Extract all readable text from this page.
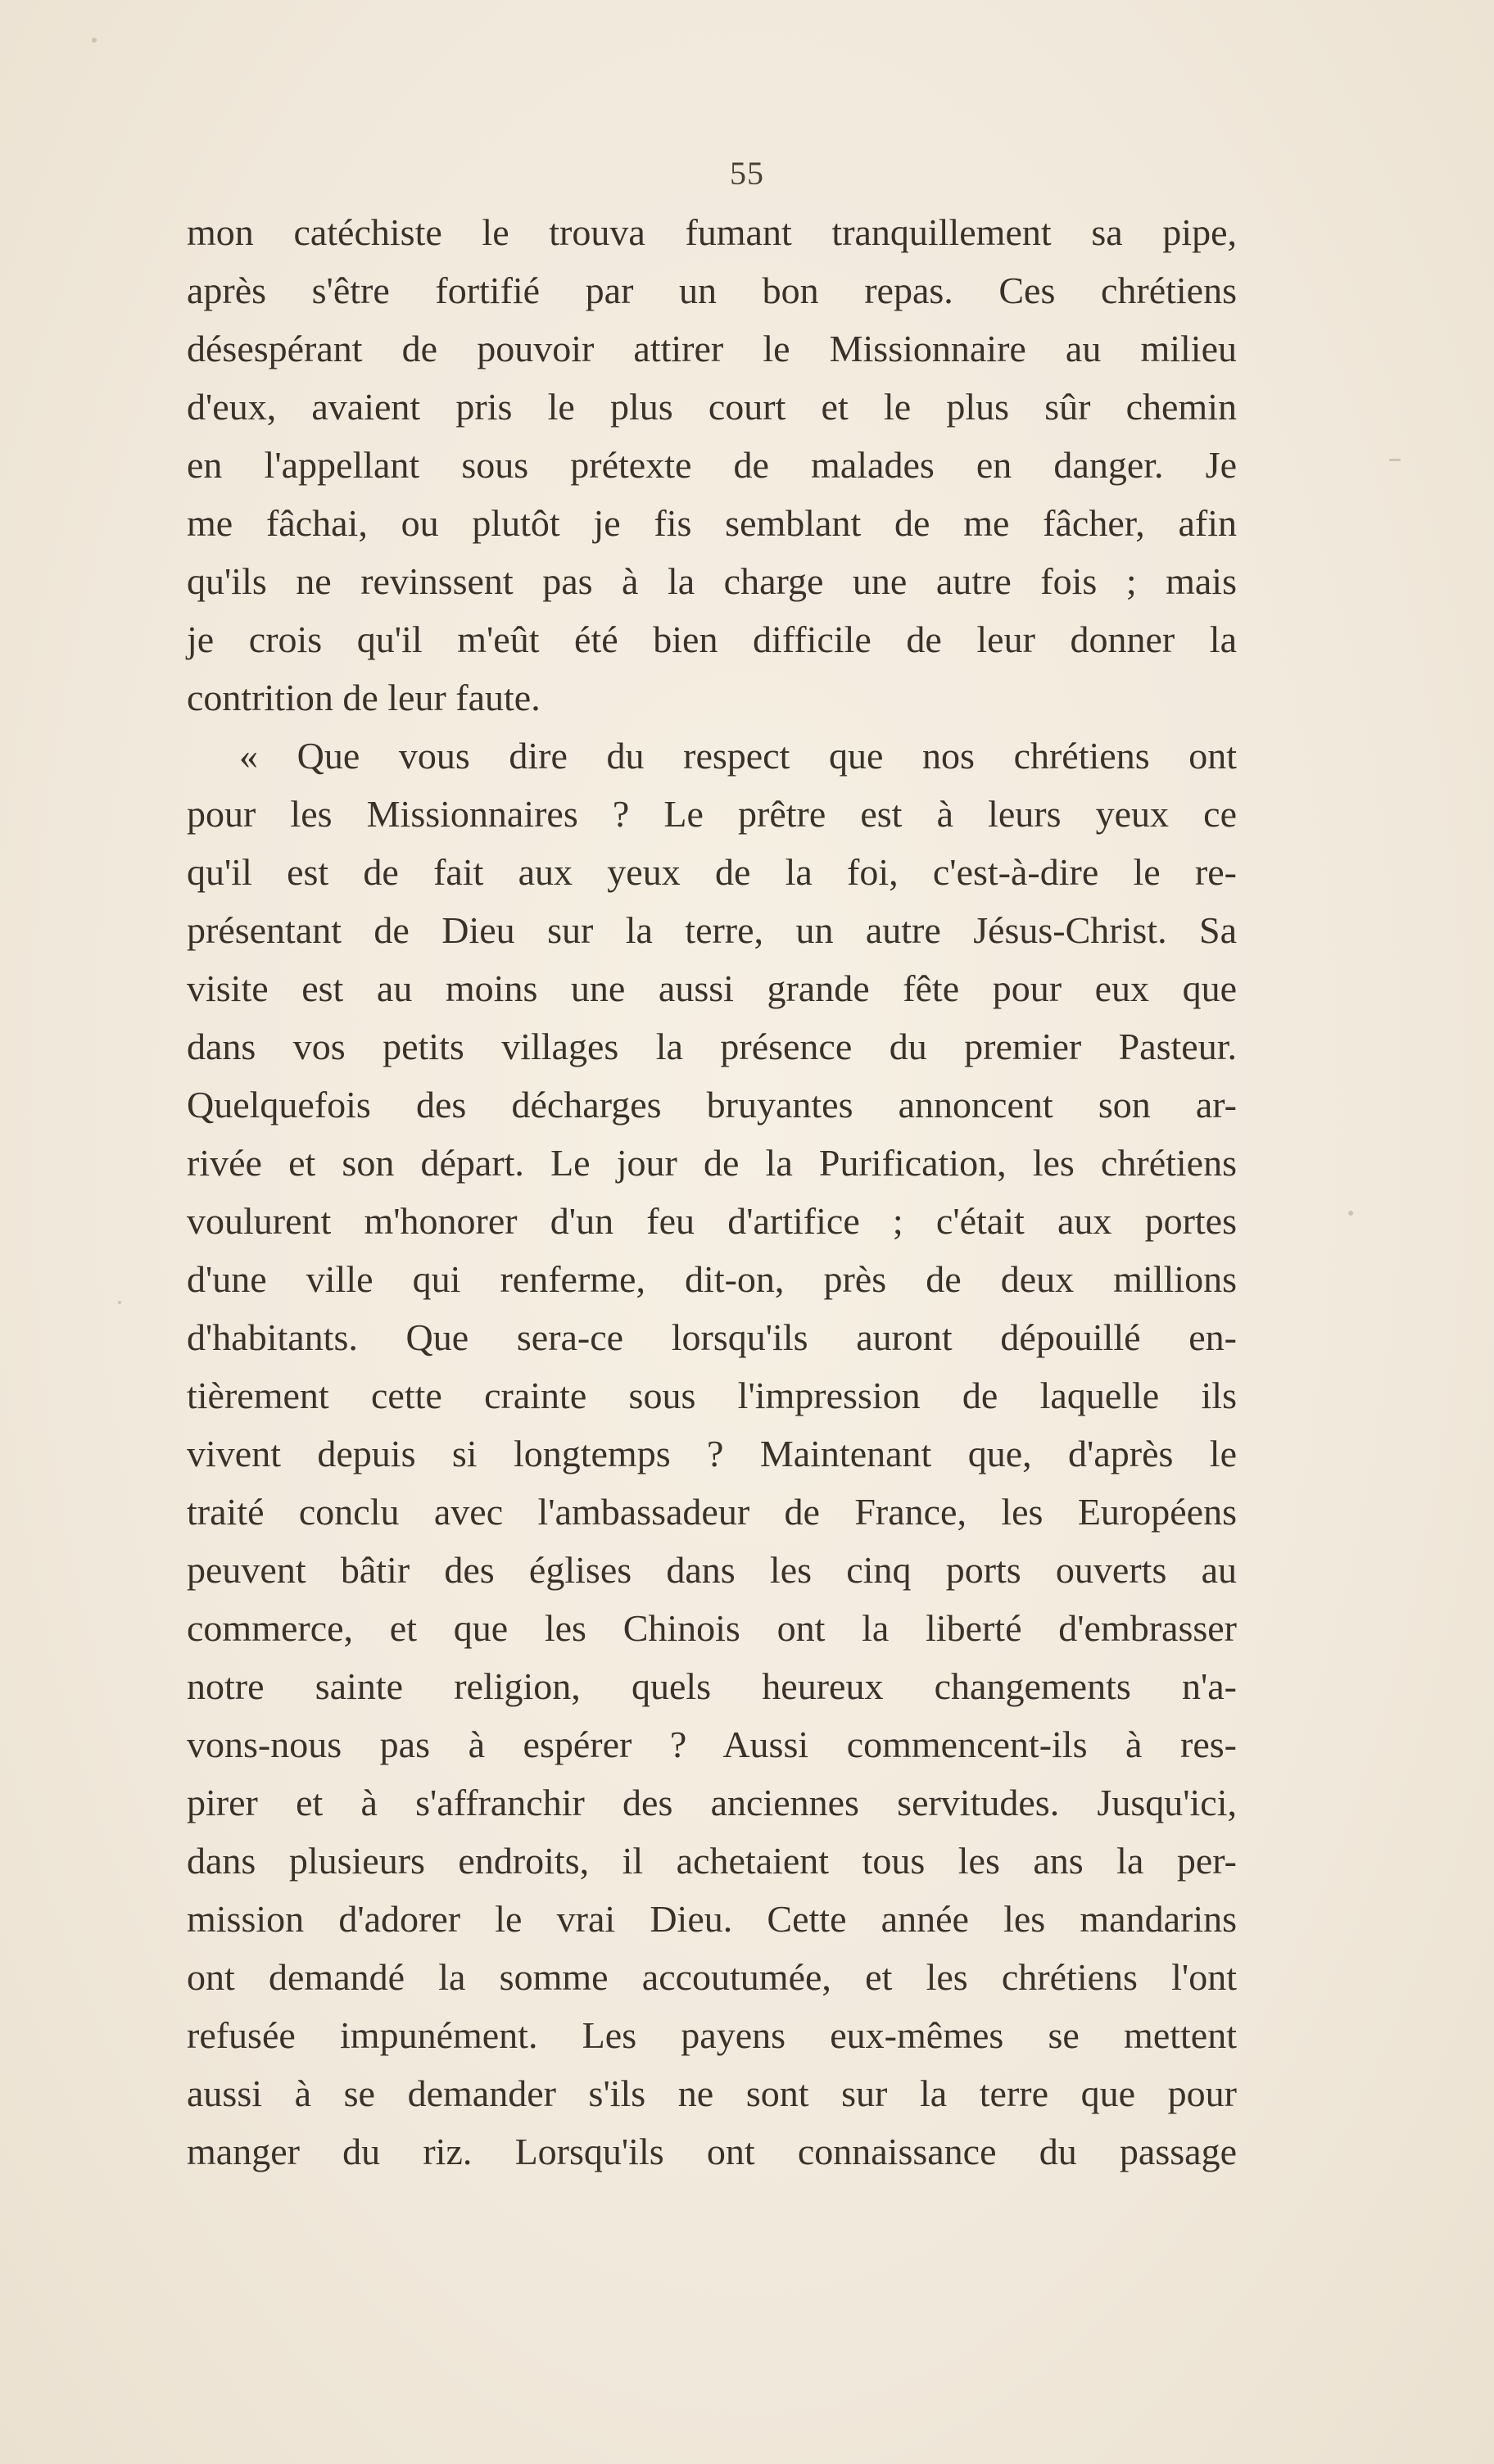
55
mon catéchiste le trouva fumant tranquillement sa pipe,
après s'être fortifié par un bon repas. Ces chrétiens
désespérant de pouvoir attirer le Missionnaire au milieu
d'eux, avaient pris le plus court et le plus sûr chemin
en l'appellant sous prétexte de malades en danger. Je
me fâchai, ou plutôt je fis semblant de me fâcher, afin
qu'ils ne revinssent pas à la charge une autre fois ; mais
je crois qu'il m'eût été bien difficile de leur donner la
contrition de leur faute.
« Que vous dire du respect que nos chrétiens ont
pour les Missionnaires ? Le prêtre est à leurs yeux ce
qu'il est de fait aux yeux de la foi, c'est-à-dire le re-
présentant de Dieu sur la terre, un autre Jésus-Christ. Sa
visite est au moins une aussi grande fête pour eux que
dans vos petits villages la présence du premier Pasteur.
Quelquefois des décharges bruyantes annoncent son ar-
rivée et son départ. Le jour de la Purification, les chrétiens
voulurent m'honorer d'un feu d'artifice ; c'était aux portes
d'une ville qui renferme, dit-on, près de deux millions
d'habitants. Que sera-ce lorsqu'ils auront dépouillé en-
tièrement cette crainte sous l'impression de laquelle ils
vivent depuis si longtemps ? Maintenant que, d'après le
traité conclu avec l'ambassadeur de France, les Européens
peuvent bâtir des églises dans les cinq ports ouverts au
commerce, et que les Chinois ont la liberté d'embrasser
notre sainte religion, quels heureux changements n'a-
vons-nous pas à espérer ? Aussi commencent-ils à res-
pirer et à s'affranchir des anciennes servitudes. Jusqu'ici,
dans plusieurs endroits, il achetaient tous les ans la per-
mission d'adorer le vrai Dieu. Cette année les mandarins
ont demandé la somme accoutumée, et les chrétiens l'ont
refusée impunément. Les payens eux-mêmes se mettent
aussi à se demander s'ils ne sont sur la terre que pour
manger du riz. Lorsqu'ils ont connaissance du passage
